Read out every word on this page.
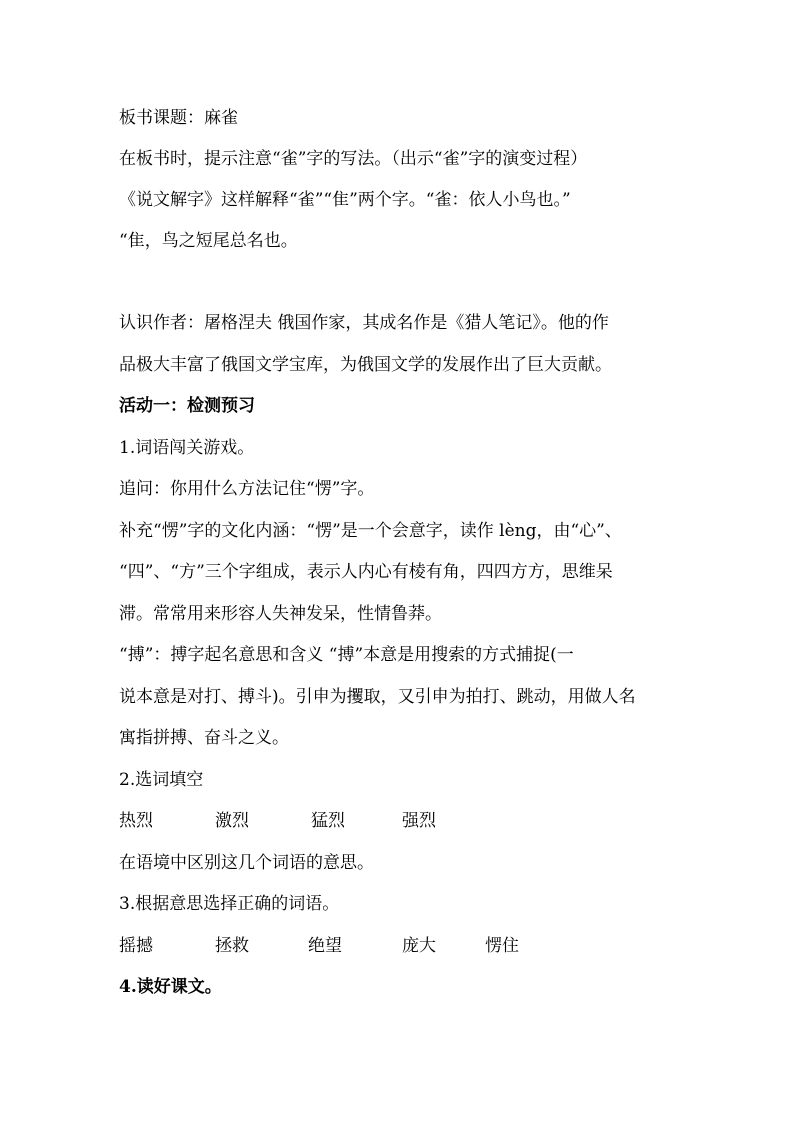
板书课题：麻雀
在板书时，提示注意“雀”字的写法。（出示“雀”字的演变过程）
《说文解字》这样解释“雀”“隹”两个字。“雀：依人小鸟也。”
“隹，鸟之短尾总名也。
认识作者：屠格涅夫 俄国作家，其成名作是《猎人笔记》。他的作
品极大丰富了俄国文学宝库，为俄国文学的发展作出了巨大贡献。
活动一：检测预习
1.词语闯关游戏。
追问：你用什么方法记住“愣”字。
补充“愣”字的文化内涵：“愣”是一个会意字，读作 lèng，由“心”、
“四”、“方”三个字组成，表示人内心有棱有角，四四方方，思维呆
滞。常常用来形容人失神发呆，性情鲁莽。
“搏”：搏字起名意思和含义 “搏”本意是用搜索的方式捕捉(一
说本意是对打、搏斗)。引申为攫取，又引申为拍打、跳动，用做人名
寓指拼搏、奋斗之义。
2.选词填空
热烈	激烈	猛烈	强烈
在语境中区别这几个词语的意思。
3.根据意思选择正确的词语。
摇撼	拯救	绝望	庞大	愣住
4.读好课文。
